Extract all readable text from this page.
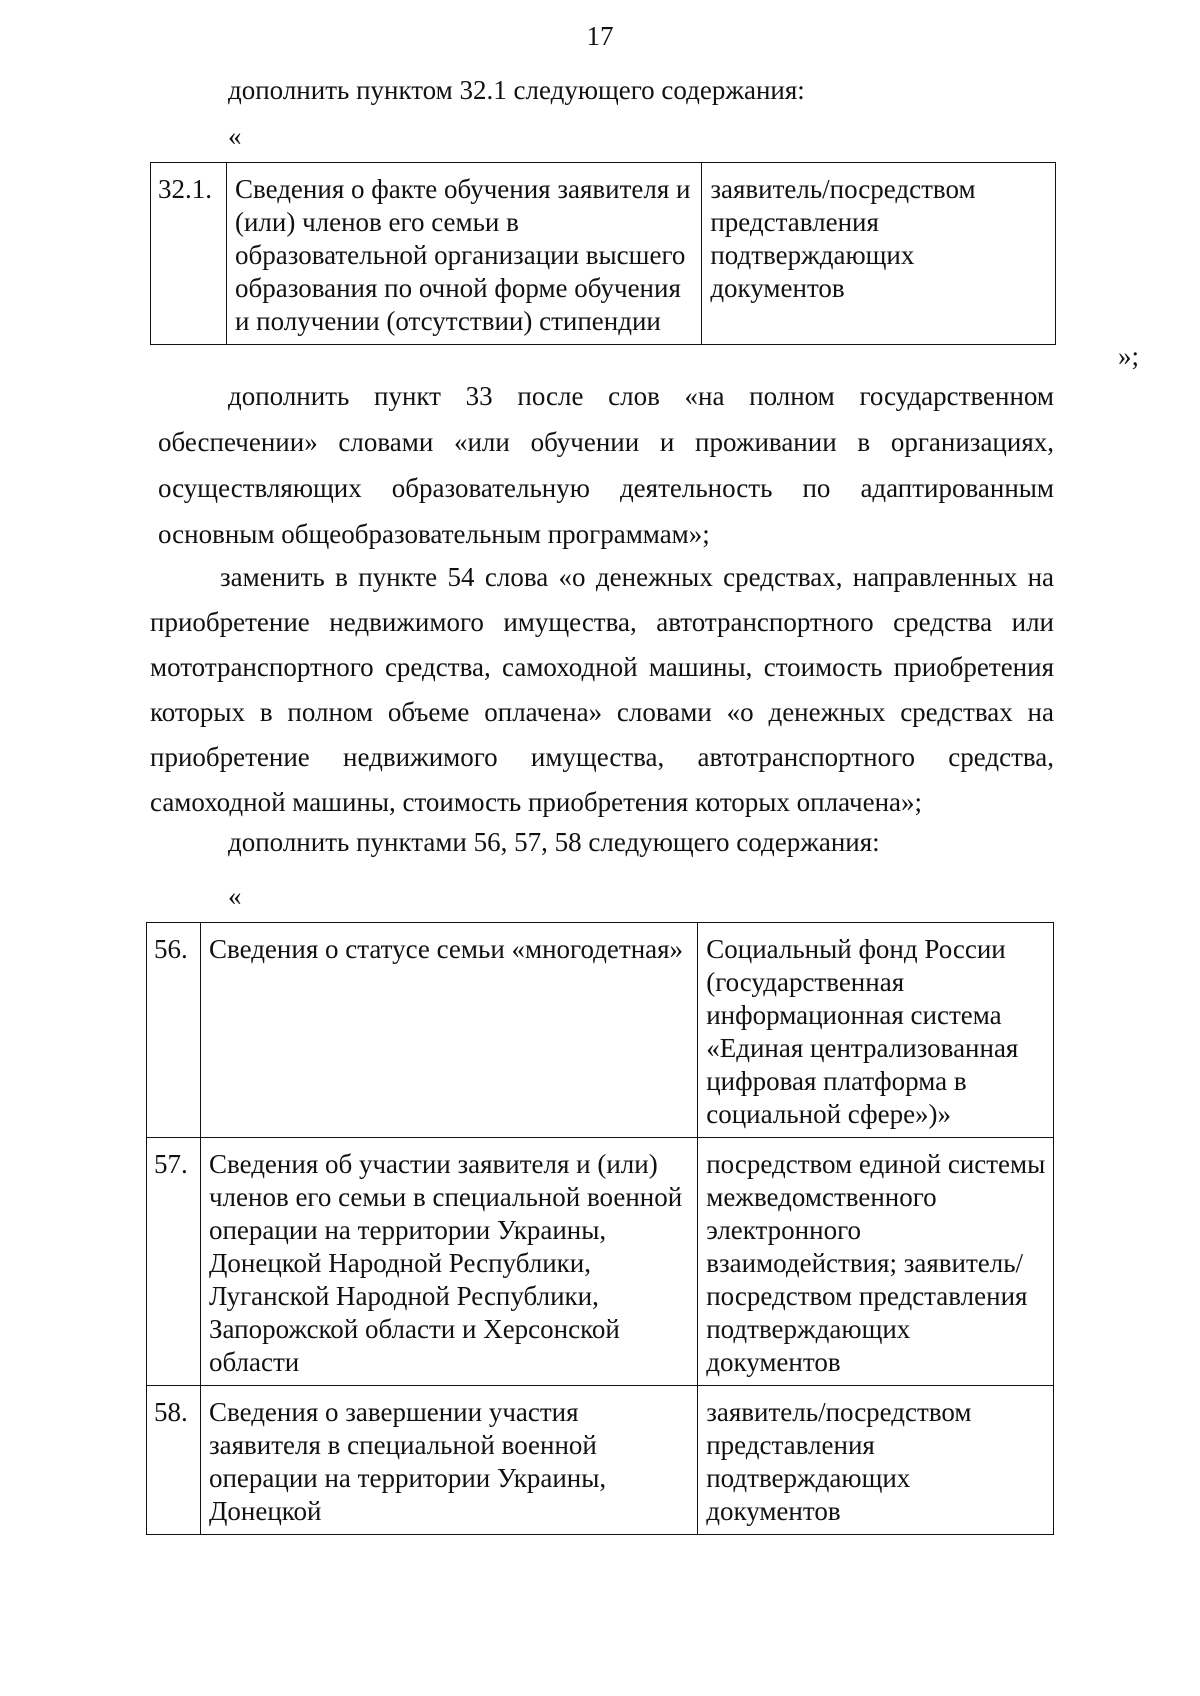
17

дополнить пунктом 32.1 следующего содержания:

«
32.1.	Сведения о факте обучения заявителя и (или) членов его семьи в образовательной организации высшего образования по очной форме обучения и получении (отсутствии) стипендии	заявитель/посредством представления подтверждающих документов
»;

дополнить пункт 33 после слов «на полном государственном обеспечении» словами «или обучении и проживании в организациях, осуществляющих образовательную деятельность по адаптированным основным общеобразовательным программам»;

заменить в пункте 54 слова «о денежных средствах, направленных на приобретение недвижимого имущества, автотранспортного средства или мототранспортного средства, самоходной машины, стоимость приобретения которых в полном объеме оплачена» словами «о денежных средствах на приобретение недвижимого имущества, автотранспортного средства, самоходной машины, стоимость приобретения которых оплачена»;

дополнить пунктами 56, 57, 58 следующего содержания:

«
56.	Сведения о статусе семьи «многодетная»	Социальный фонд России (государственная информационная система «Единая централизованная цифровая платформа в социальной сфере»)»
57.	Сведения об участии заявителя и (или) членов его семьи в специальной военной операции на территории Украины, Донецкой Народной Республики, Луганской Народной Республики, Запорожской области и Херсонской области	посредством единой системы межведомственного электронного взаимодействия; заявитель/посредством представления подтверждающих документов
58.	Сведения о завершении участия заявителя в специальной военной операции на территории Украины, Донецкой	заявитель/посредством представления подтверждающих документов
